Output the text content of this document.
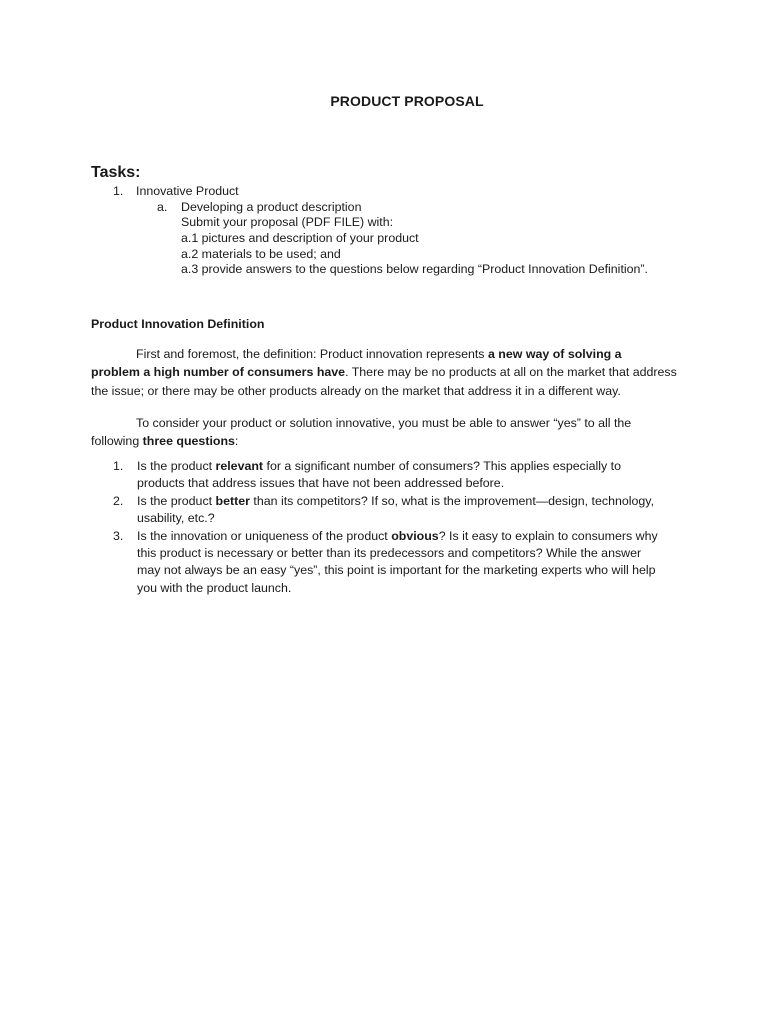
PRODUCT PROPOSAL
Tasks:
1. Innovative Product
a. Developing a product description
Submit your proposal (PDF FILE) with:
a.1 pictures and description of your product
a.2 materials to be used; and
a.3 provide answers to the questions below regarding “Product Innovation Definition”.
Product Innovation Definition
First and foremost, the definition: Product innovation represents a new way of solving a
problem a high number of consumers have. There may be no products at all on the market that address
the issue; or there may be other products already on the market that address it in a different way.
To consider your product or solution innovative, you must be able to answer “yes” to all the
following three questions:
1. Is the product relevant for a significant number of consumers? This applies especially to
products that address issues that have not been addressed before.
2. Is the product better than its competitors? If so, what is the improvement—design, technology,
usability, etc.?
3. Is the innovation or uniqueness of the product obvious? Is it easy to explain to consumers why
this product is necessary or better than its predecessors and competitors? While the answer
may not always be an easy “yes”, this point is important for the marketing experts who will help
you with the product launch.
